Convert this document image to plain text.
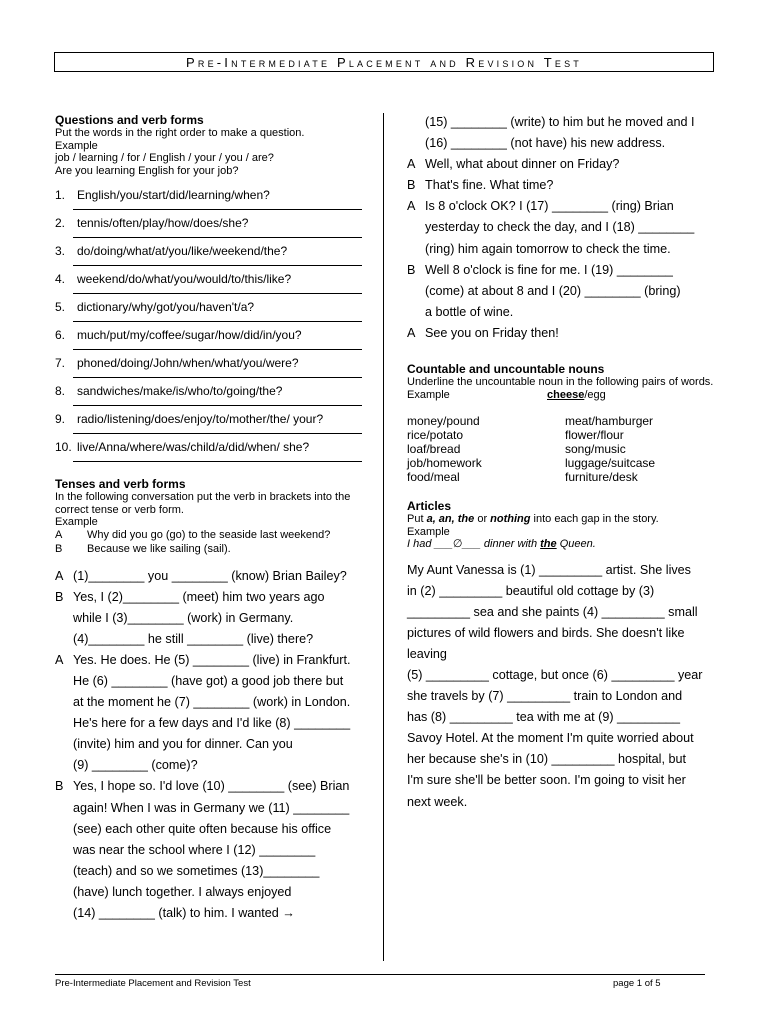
Pre-Intermediate Placement and Revision Test
Questions and verb forms
Put the words in the right order to make a question.
Example
job / learning / for / English / your / you / are?
Are you learning English for your job?
1. English/you/start/did/learning/when?
2. tennis/often/play/how/does/she?
3. do/doing/what/at/you/like/weekend/the?
4. weekend/do/what/you/would/to/this/like?
5. dictionary/why/got/you/haven't/a?
6. much/put/my/coffee/sugar/how/did/in/you?
7. phoned/doing/John/when/what/you/were?
8. sandwiches/make/is/who/to/going/the?
9. radio/listening/does/enjoy/to/mother/the/ your?
10. live/Anna/where/was/child/a/did/when/ she?
Tenses and verb forms
In the following conversation put the verb in brackets into the correct tense or verb form.
Example
A Why did you go (go) to the seaside last weekend?
B Because we like sailing (sail).
A (1)________ you ________ (know) Brian Bailey?
B Yes, I (2)________ (meet) him two years ago
while I (3)________ (work) in Germany.
(4)________ he still ________ (live) there?
A Yes. He does. He (5) ________ (live) in Frankfurt.
He (6) ________ (have got) a good job there but
at the moment he (7) ________ (work) in London.
He's here for a few days and I'd like (8) ________
(invite) him and you for dinner. Can you
(9) ________ (come)?
B Yes, I hope so. I'd love (10) ________ (see) Brian
again! When I was in Germany we (11) ________
(see) each other quite often because his office
was near the school where I (12) ________
(teach) and so we sometimes (13)________
(have) lunch together. I always enjoyed
(14) ________ (talk) to him. I wanted →
(15) ________ (write) to him but he moved and I
(16) ________ (not have) his new address.
A Well, what about dinner on Friday?
B That's fine. What time?
A Is 8 o'clock OK? I (17) ________ (ring) Brian
yesterday to check the day, and I (18) ________
(ring) him again tomorrow to check the time.
B Well 8 o'clock is fine for me. I (19) ________
(come) at about 8 and I (20) ________ (bring)
a bottle of wine.
A See you on Friday then!
Countable and uncountable nouns
Underline the uncountable noun in the following pairs of words.
Example	cheese/egg
money/pound	meat/hamburger
rice/potato	flower/flour
loaf/bread	song/music
job/homework	luggage/suitcase
food/meal	furniture/desk
Articles
Put a, an, the or nothing into each gap in the story.
Example
I had ___∅___ dinner with the Queen.
My Aunt Vanessa is (1) _________ artist. She lives
in (2) _________ beautiful old cottage by (3)
_________ sea and she paints (4) _________ small
pictures of wild flowers and birds. She doesn't like
leaving
(5) _________ cottage, but once (6) _________ year
she travels by (7) _________ train to London and
has (8) _________ tea with me at (9) _________
Savoy Hotel. At the moment I'm quite worried about
her because she's in (10) _________ hospital, but
I'm sure she'll be better soon. I'm going to visit her
next week.
Pre-Intermediate Placement and Revision Test	page 1 of 5
